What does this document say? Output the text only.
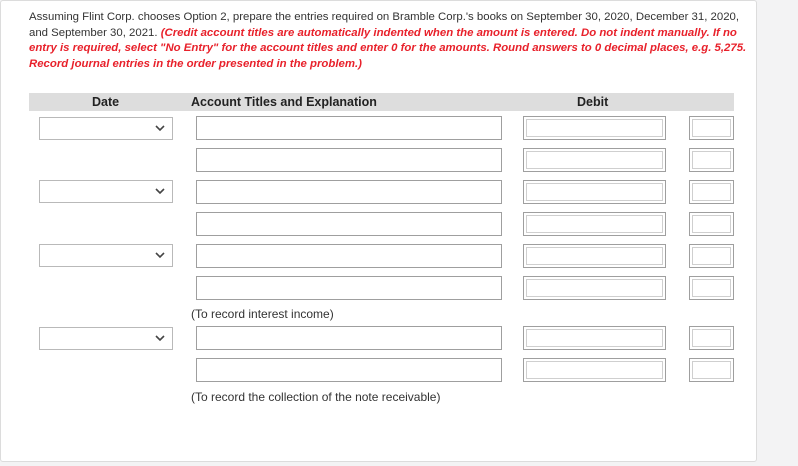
Assuming Flint Corp. chooses Option 2, prepare the entries required on Bramble Corp.'s books on September 30, 2020, December 31, 2020, and September 30, 2021. (Credit account titles are automatically indented when the amount is entered. Do not indent manually. If no entry is required, select "No Entry" for the account titles and enter 0 for the amounts. Round answers to 0 decimal places, e.g. 5,275. Record journal entries in the order presented in the problem.)
Date	Account Titles and Explanation	Debit
(To record interest income)
(To record the collection of the note receivable)
